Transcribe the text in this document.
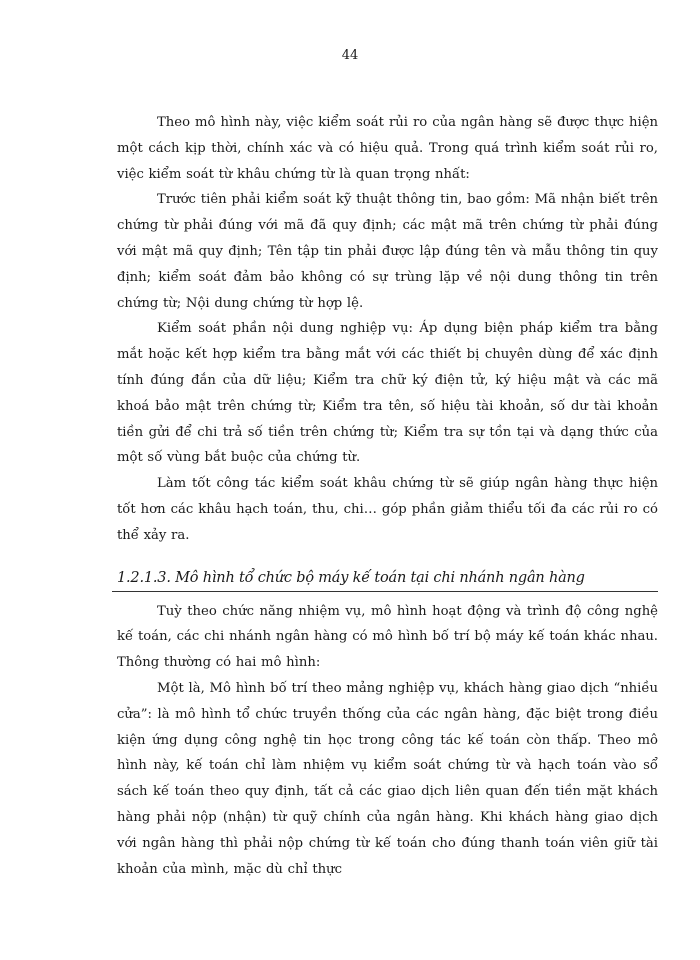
44

Theo mô hình này, việc kiểm soát rủi ro của ngân hàng sẽ được thực hiện một cách kịp thời, chính xác và có hiệu quả. Trong quá trình kiểm soát rủi ro, việc kiểm soát từ khâu chứng từ là quan trọng nhất:

Trước tiên phải kiểm soát kỹ thuật thông tin, bao gồm: Mã nhận biết trên chứng từ phải đúng với mã đã quy định; các mật mã trên chứng từ phải đúng với mật mã quy định; Tên tập tin phải được lập đúng tên và mẫu thông tin quy định; kiểm soát đảm bảo không có sự trùng lặp về nội dung thông tin trên chứng từ; Nội dung chứng từ hợp lệ.

Kiểm soát phần nội dung nghiệp vụ: Áp dụng biện pháp kiểm tra bằng mắt hoặc kết hợp kiểm tra bằng mắt với các thiết bị chuyên dùng để xác định tính đúng đắn của dữ liệu; Kiểm tra chữ ký điện tử, ký hiệu mật và các mã khoá bảo mật trên chứng từ; Kiểm tra tên, số hiệu tài khoản, số dư tài khoản tiền gửi để chi trả số tiền trên chứng từ; Kiểm tra sự tồn tại và dạng thức của một số vùng bắt buộc của chứng từ.

Làm tốt công tác kiểm soát khâu chứng từ sẽ giúp ngân hàng thực hiện tốt hơn các khâu hạch toán, thu, chi… góp phần giảm thiểu tối đa các rủi ro có thể xảy ra.

1.2.1.3. Mô hình tổ chức bộ máy kế toán tại chi nhánh ngân hàng

Tuỳ theo chức năng nhiệm vụ, mô hình hoạt động và trình độ công nghệ kế toán, các chi nhánh ngân hàng có mô hình bố trí bộ máy kế toán khác nhau. Thông thường có hai mô hình:

Một là, Mô hình bố trí theo mảng nghiệp vụ, khách hàng giao dịch “nhiều cửa”: là mô hình tổ chức truyền thống của các ngân hàng, đặc biệt trong điều kiện ứng dụng công nghệ tin học trong công tác kế toán còn thấp. Theo mô hình này, kế toán chỉ làm nhiệm vụ kiểm soát chứng từ và hạch toán vào sổ sách kế toán theo quy định, tất cả các giao dịch liên quan đến tiền mặt khách hàng phải nộp (nhận) từ quỹ chính của ngân hàng. Khi khách hàng giao dịch với ngân hàng thì phải nộp chứng từ kế toán cho đúng thanh toán viên giữ tài khoản của mình, mặc dù chỉ thực
